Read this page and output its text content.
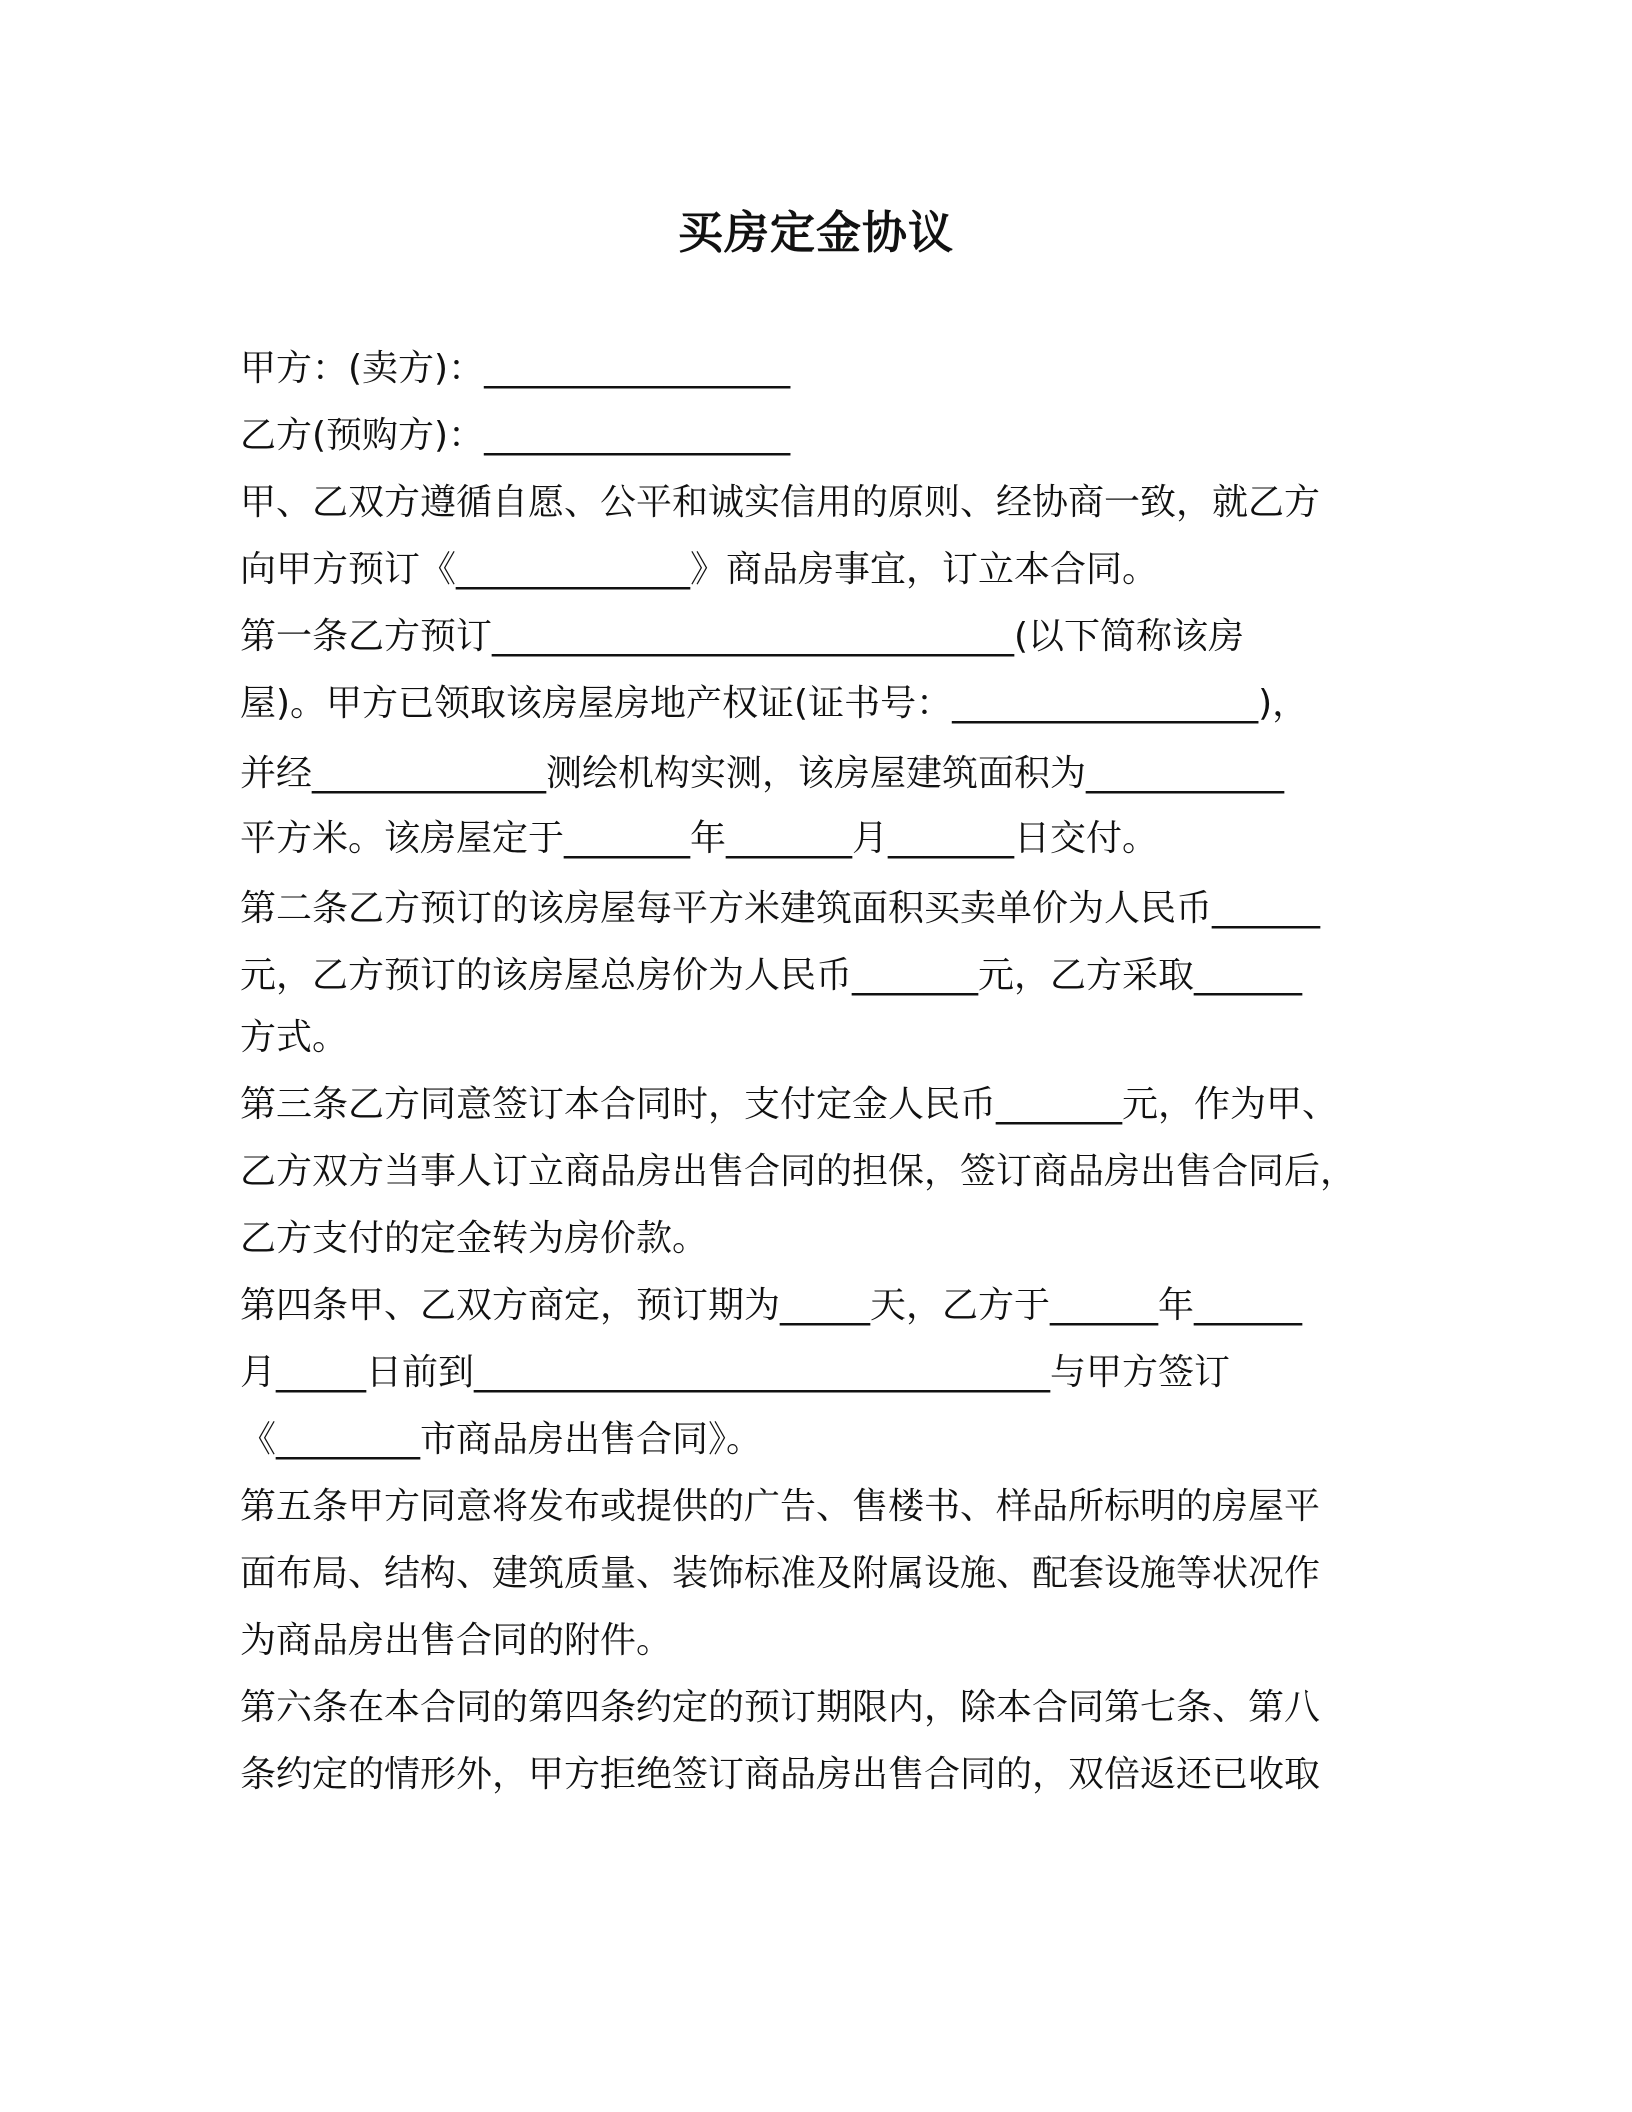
买房定金协议
甲方：(卖方)：_________________
乙方(预购方)：_________________
甲、乙双方遵循自愿、公平和诚实信用的原则、经协商一致，就乙方
向甲方预订《_____________》商品房事宜，订立本合同。
第一条乙方预订_____________________________(以下简称该房
屋)。甲方已领取该房屋房地产权证(证书号：_________________)，
并经_____________测绘机构实测，该房屋建筑面积为___________
平方米。该房屋定于_______年_______月_______日交付。
第二条乙方预订的该房屋每平方米建筑面积买卖单价为人民币______
元，乙方预订的该房屋总房价为人民币_______元，乙方采取______
方式。
第三条乙方同意签订本合同时，支付定金人民币_______元，作为甲、
乙方双方当事人订立商品房出售合同的担保，签订商品房出售合同后，
乙方支付的定金转为房价款。
第四条甲、乙双方商定，预订期为_____天，乙方于______年______
月_____日前到________________________________与甲方签订
《________市商品房出售合同》。
第五条甲方同意将发布或提供的广告、售楼书、样品所标明的房屋平
面布局、结构、建筑质量、装饰标准及附属设施、配套设施等状况作
为商品房出售合同的附件。
第六条在本合同的第四条约定的预订期限内，除本合同第七条、第八
条约定的情形外，甲方拒绝签订商品房出售合同的，双倍返还已收取
